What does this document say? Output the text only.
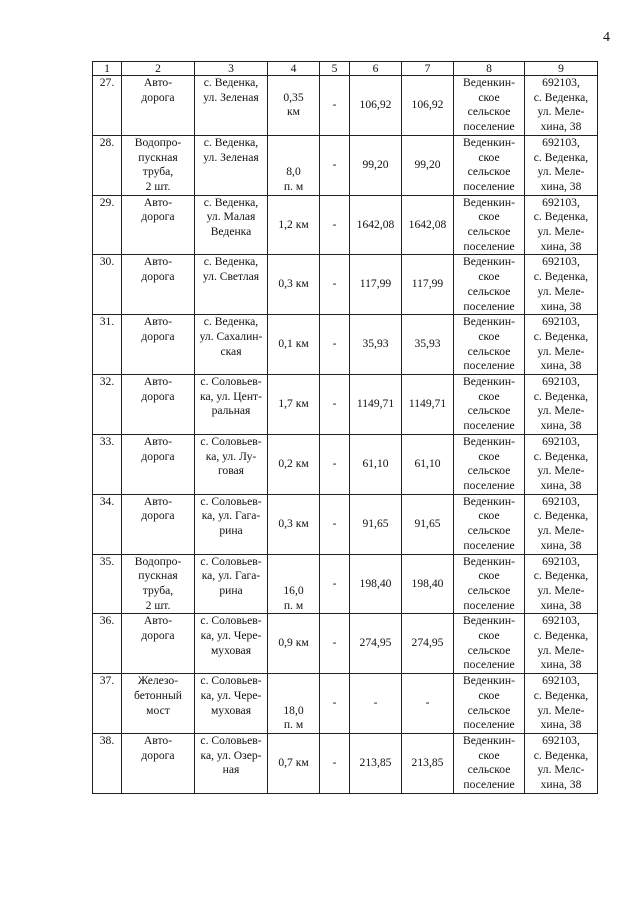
4
1	2	3	4	5	6	7	8	9
27.	Авто-
дорога	с. Веденка,
ул. Зеленая	0,35
км	-	106,92	106,92	Веденкин-
ское
сельское
поселение	692103,
с. Веденка,
ул. Меле-
хина, 38
28.	Водопро-
пускная
труба,
2 шт.	с. Веденка,
ул. Зеленая	8,0
п. м	-	99,20	99,20	Веденкин-
ское
сельское
поселение	692103,
с. Веденка,
ул. Меле-
хина, 38
29.	Авто-
дорога	с. Веденка,
ул. Малая
Веденка	1,2 км	-	1642,08	1642,08	Веденкин-
ское
сельское
поселение	692103,
с. Веденка,
ул. Меле-
хина, 38
30.	Авто-
дорога	с. Веденка,
ул. Светлая	0,3 км	-	117,99	117,99	Веденкин-
ское
сельское
поселение	692103,
с. Веденка,
ул. Меле-
хина, 38
31.	Авто-
дорога	с. Веденка,
ул. Сахалин-
ская	0,1 км	-	35,93	35,93	Веденкин-
ское
сельское
поселение	692103,
с. Веденка,
ул. Меле-
хина, 38
32.	Авто-
дорога	с. Соловьев-
ка, ул. Цент-
ральная	1,7 км	-	1149,71	1149,71	Веденкин-
ское
сельское
поселение	692103,
с. Веденка,
ул. Меле-
хина, 38
33.	Авто-
дорога	с. Соловьев-
ка, ул. Лу-
говая	0,2 км	-	61,10	61,10	Веденкин-
ское
сельское
поселение	692103,
с. Веденка,
ул. Меле-
хина, 38
34.	Авто-
дорога	с. Соловьев-
ка, ул. Гага-
рина	0,3 км	-	91,65	91,65	Веденкин-
ское
сельское
поселение	692103,
с. Веденка,
ул. Меле-
хина, 38
35.	Водопро-
пускная
труба,
2 шт.	с. Соловьев-
ка, ул. Гага-
рина	16,0
п. м	-	198,40	198,40	Веденкин-
ское
сельское
поселение	692103,
с. Веденка,
ул. Меле-
хина, 38
36.	Авто-
дорога	с. Соловьев-
ка, ул. Чере-
муховая	0,9 км	-	274,95	274,95	Веденкин-
ское
сельское
поселение	692103,
с. Веденка,
ул. Меле-
хина, 38
37.	Железо-
бетонный
мост	с. Соловьев-
ка, ул. Чере-
муховая	18,0
п. м	-	-	-	Веденкин-
ское
сельское
поселение	692103,
с. Веденка,
ул. Меле-
хина, 38
38.	Авто-
дорога	с. Соловьев-
ка, ул. Озер-
ная	0,7 км	-	213,85	213,85	Веденкин-
ское
сельское
поселение	692103,
с. Веденка,
ул. Мелс-
хина, 38
